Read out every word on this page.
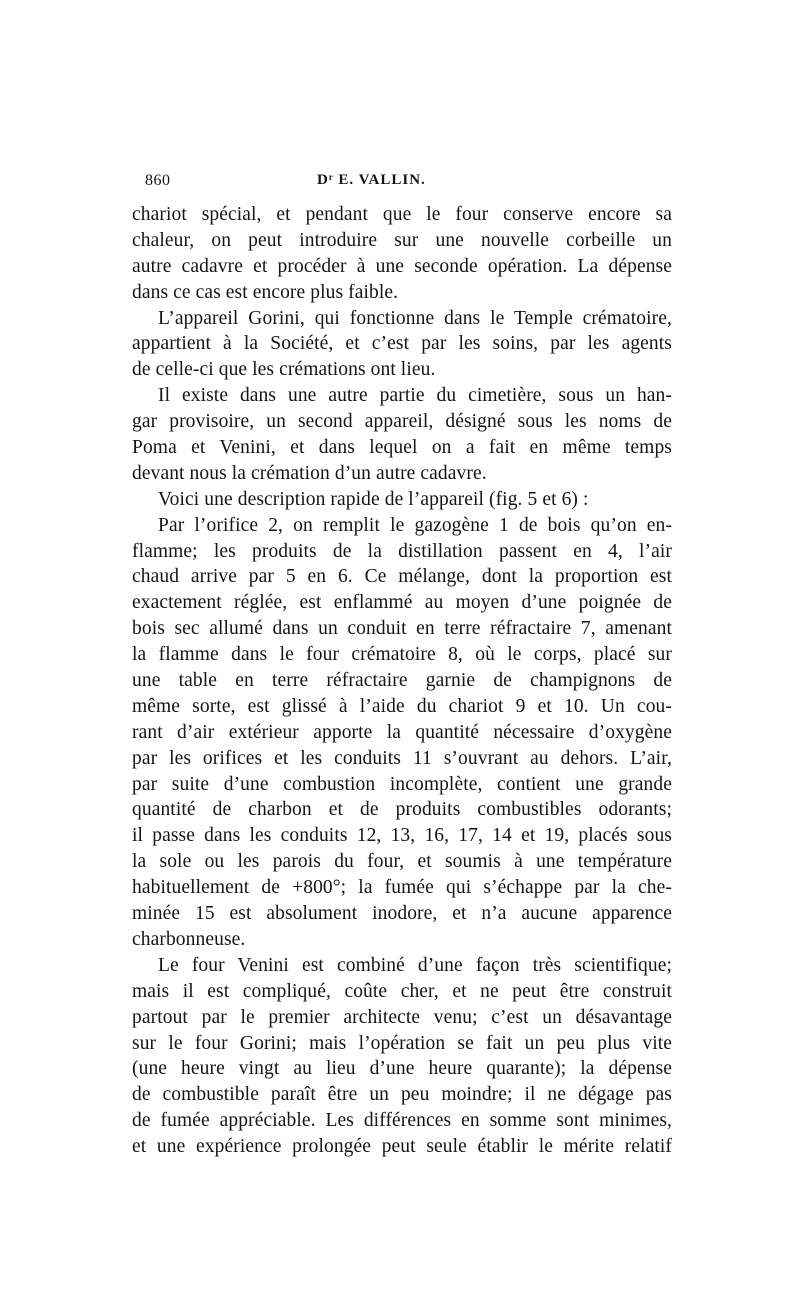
860	Dʳ E. VALLIN.
chariot spécial, et pendant que le four conserve encore sa
chaleur, on peut introduire sur une nouvelle corbeille un
autre cadavre et procéder à une seconde opération. La dépense
dans ce cas est encore plus faible.
L’appareil Gorini, qui fonctionne dans le Temple crématoire,
appartient à la Société, et c’est par les soins, par les agents
de celle-ci que les crémations ont lieu.
Il existe dans une autre partie du cimetière, sous un han-
gar provisoire, un second appareil, désigné sous les noms de
Poma et Venini, et dans lequel on a fait en même temps
devant nous la crémation d’un autre cadavre.
Voici une description rapide de l’appareil (fig. 5 et 6) :
Par l’orifice 2, on remplit le gazogène 1 de bois qu’on en-
flamme; les produits de la distillation passent en 4, l’air
chaud arrive par 5 en 6. Ce mélange, dont la proportion est
exactement réglée, est enflammé au moyen d’une poignée de
bois sec allumé dans un conduit en terre réfractaire 7, amenant
la flamme dans le four crématoire 8, où le corps, placé sur
une table en terre réfractaire garnie de champignons de
même sorte, est glissé à l’aide du chariot 9 et 10. Un cou-
rant d’air extérieur apporte la quantité nécessaire d’oxygène
par les orifices et les conduits 11 s’ouvrant au dehors. L’air,
par suite d’une combustion incomplète, contient une grande
quantité de charbon et de produits combustibles odorants;
il passe dans les conduits 12, 13, 16, 17, 14 et 19, placés sous
la sole ou les parois du four, et soumis à une température
habituellement de +800°; la fumée qui s’échappe par la che-
minée 15 est absolument inodore, et n’a aucune apparence
charbonneuse.
Le four Venini est combiné d’une façon très scientifique;
mais il est compliqué, coûte cher, et ne peut être construit
partout par le premier architecte venu; c’est un désavantage
sur le four Gorini; mais l’opération se fait un peu plus vite
(une heure vingt au lieu d’une heure quarante); la dépense
de combustible paraît être un peu moindre; il ne dégage pas
de fumée appréciable. Les différences en somme sont minimes,
et une expérience prolongée peut seule établir le mérite relatif
